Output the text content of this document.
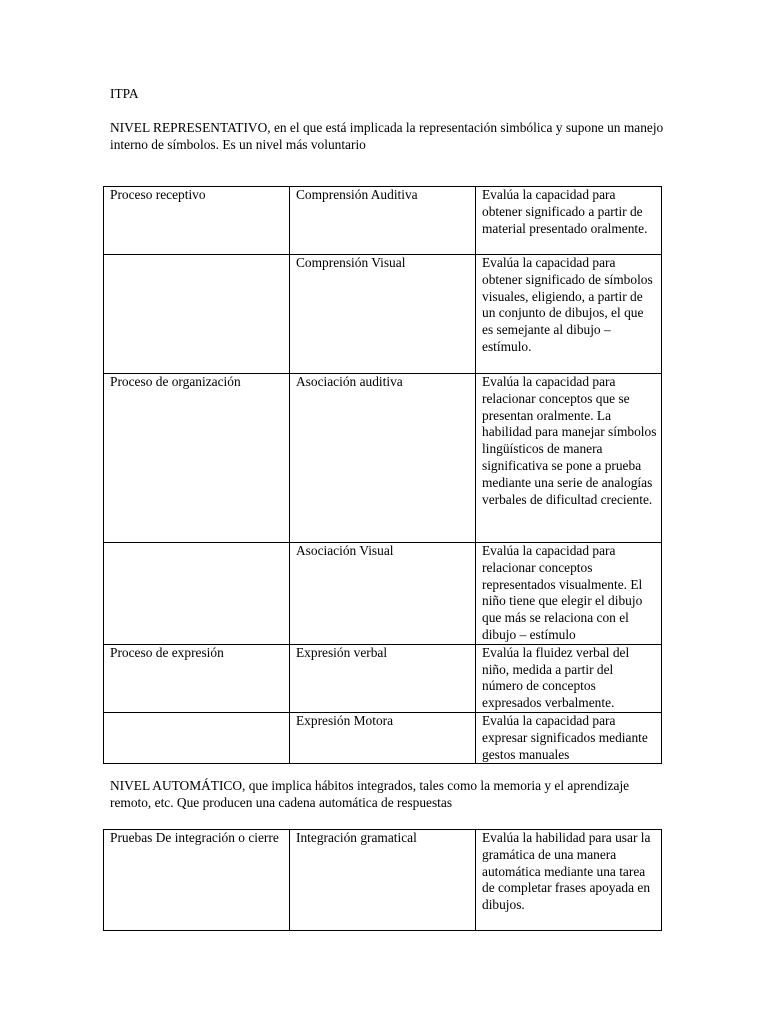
ITPA

NIVEL REPRESENTATIVO, en el que está implicada la representación simbólica y supone un manejo interno de símbolos. Es un nivel más voluntario

Proceso receptivo	Comprensión Auditiva	Evalúa la capacidad para obtener significado a partir de material presentado oralmente.
	Comprensión Visual	Evalúa la capacidad para obtener significado de símbolos visuales, eligiendo, a partir de un conjunto de dibujos, el que es semejante al dibujo – estímulo.
Proceso de organización	Asociación auditiva	Evalúa la capacidad para relacionar conceptos que se presentan oralmente. La habilidad para manejar símbolos lingüísticos de manera significativa se pone a prueba mediante una serie de analogías verbales de dificultad creciente.
	Asociación Visual	Evalúa la capacidad para relacionar conceptos representados visualmente. El niño tiene que elegir el dibujo que más se relaciona con el dibujo – estímulo
Proceso de expresión	Expresión verbal	Evalúa la fluidez verbal del niño, medida a partir del número de conceptos expresados verbalmente.
	Expresión Motora	Evalúa la capacidad para expresar significados mediante gestos manuales

NIVEL AUTOMÁTICO, que implica hábitos integrados, tales como la memoria y el aprendizaje remoto, etc. Que producen una cadena automática de respuestas

Pruebas De integración o cierre	Integración gramatical	Evalúa la habilidad para usar la gramática de una manera automática mediante una tarea de completar frases apoyada en dibujos.
